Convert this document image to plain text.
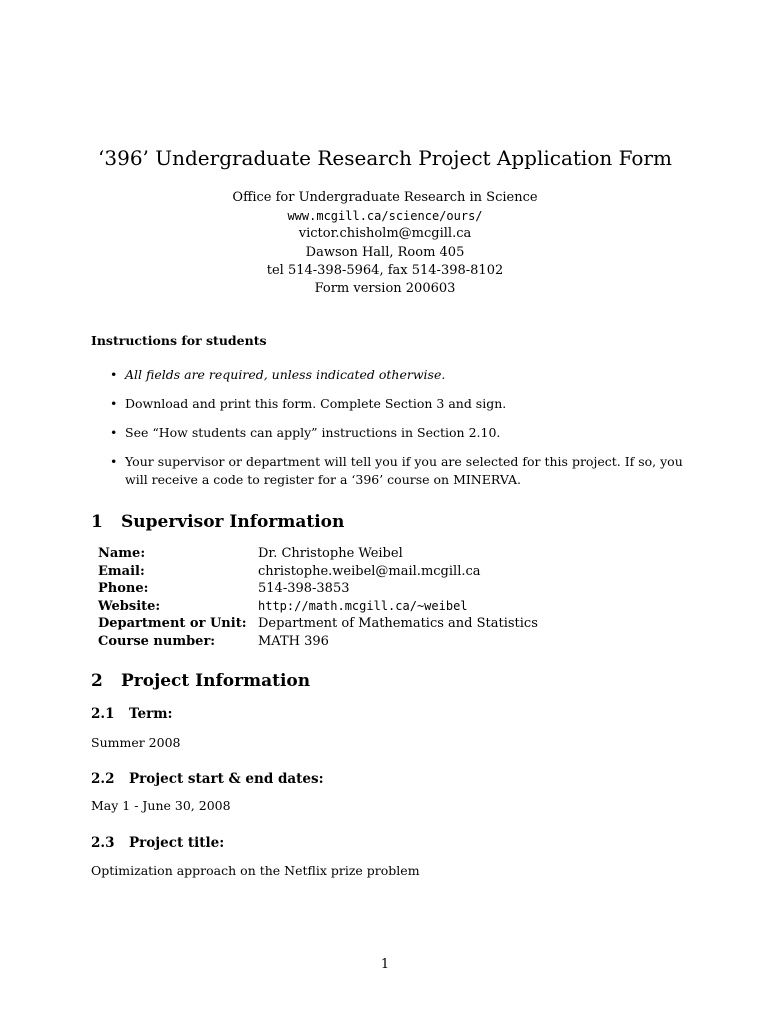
‘396’ Undergraduate Research Project Application Form
Office for Undergraduate Research in Science
www.mcgill.ca/science/ours/
victor.chisholm@mcgill.ca
Dawson Hall, Room 405
tel 514-398-5964, fax 514-398-8102
Form version 200603
Instructions for students
• All fields are required, unless indicated otherwise.
• Download and print this form. Complete Section 3 and sign.
• See “How students can apply” instructions in Section 2.10.
• Your supervisor or department will tell you if you are selected for this project. If so, you will receive a code to register for a ‘396’ course on MINERVA.
1 Supervisor Information
Name:	Dr. Christophe Weibel
Email:	christophe.weibel@mail.mcgill.ca
Phone:	514-398-3853
Website:	http://math.mcgill.ca/~weibel
Department or Unit:	Department of Mathematics and Statistics
Course number:	MATH 396
2 Project Information
2.1 Term:
Summer 2008
2.2 Project start & end dates:
May 1 - June 30, 2008
2.3 Project title:
Optimization approach on the Netflix prize problem
1
